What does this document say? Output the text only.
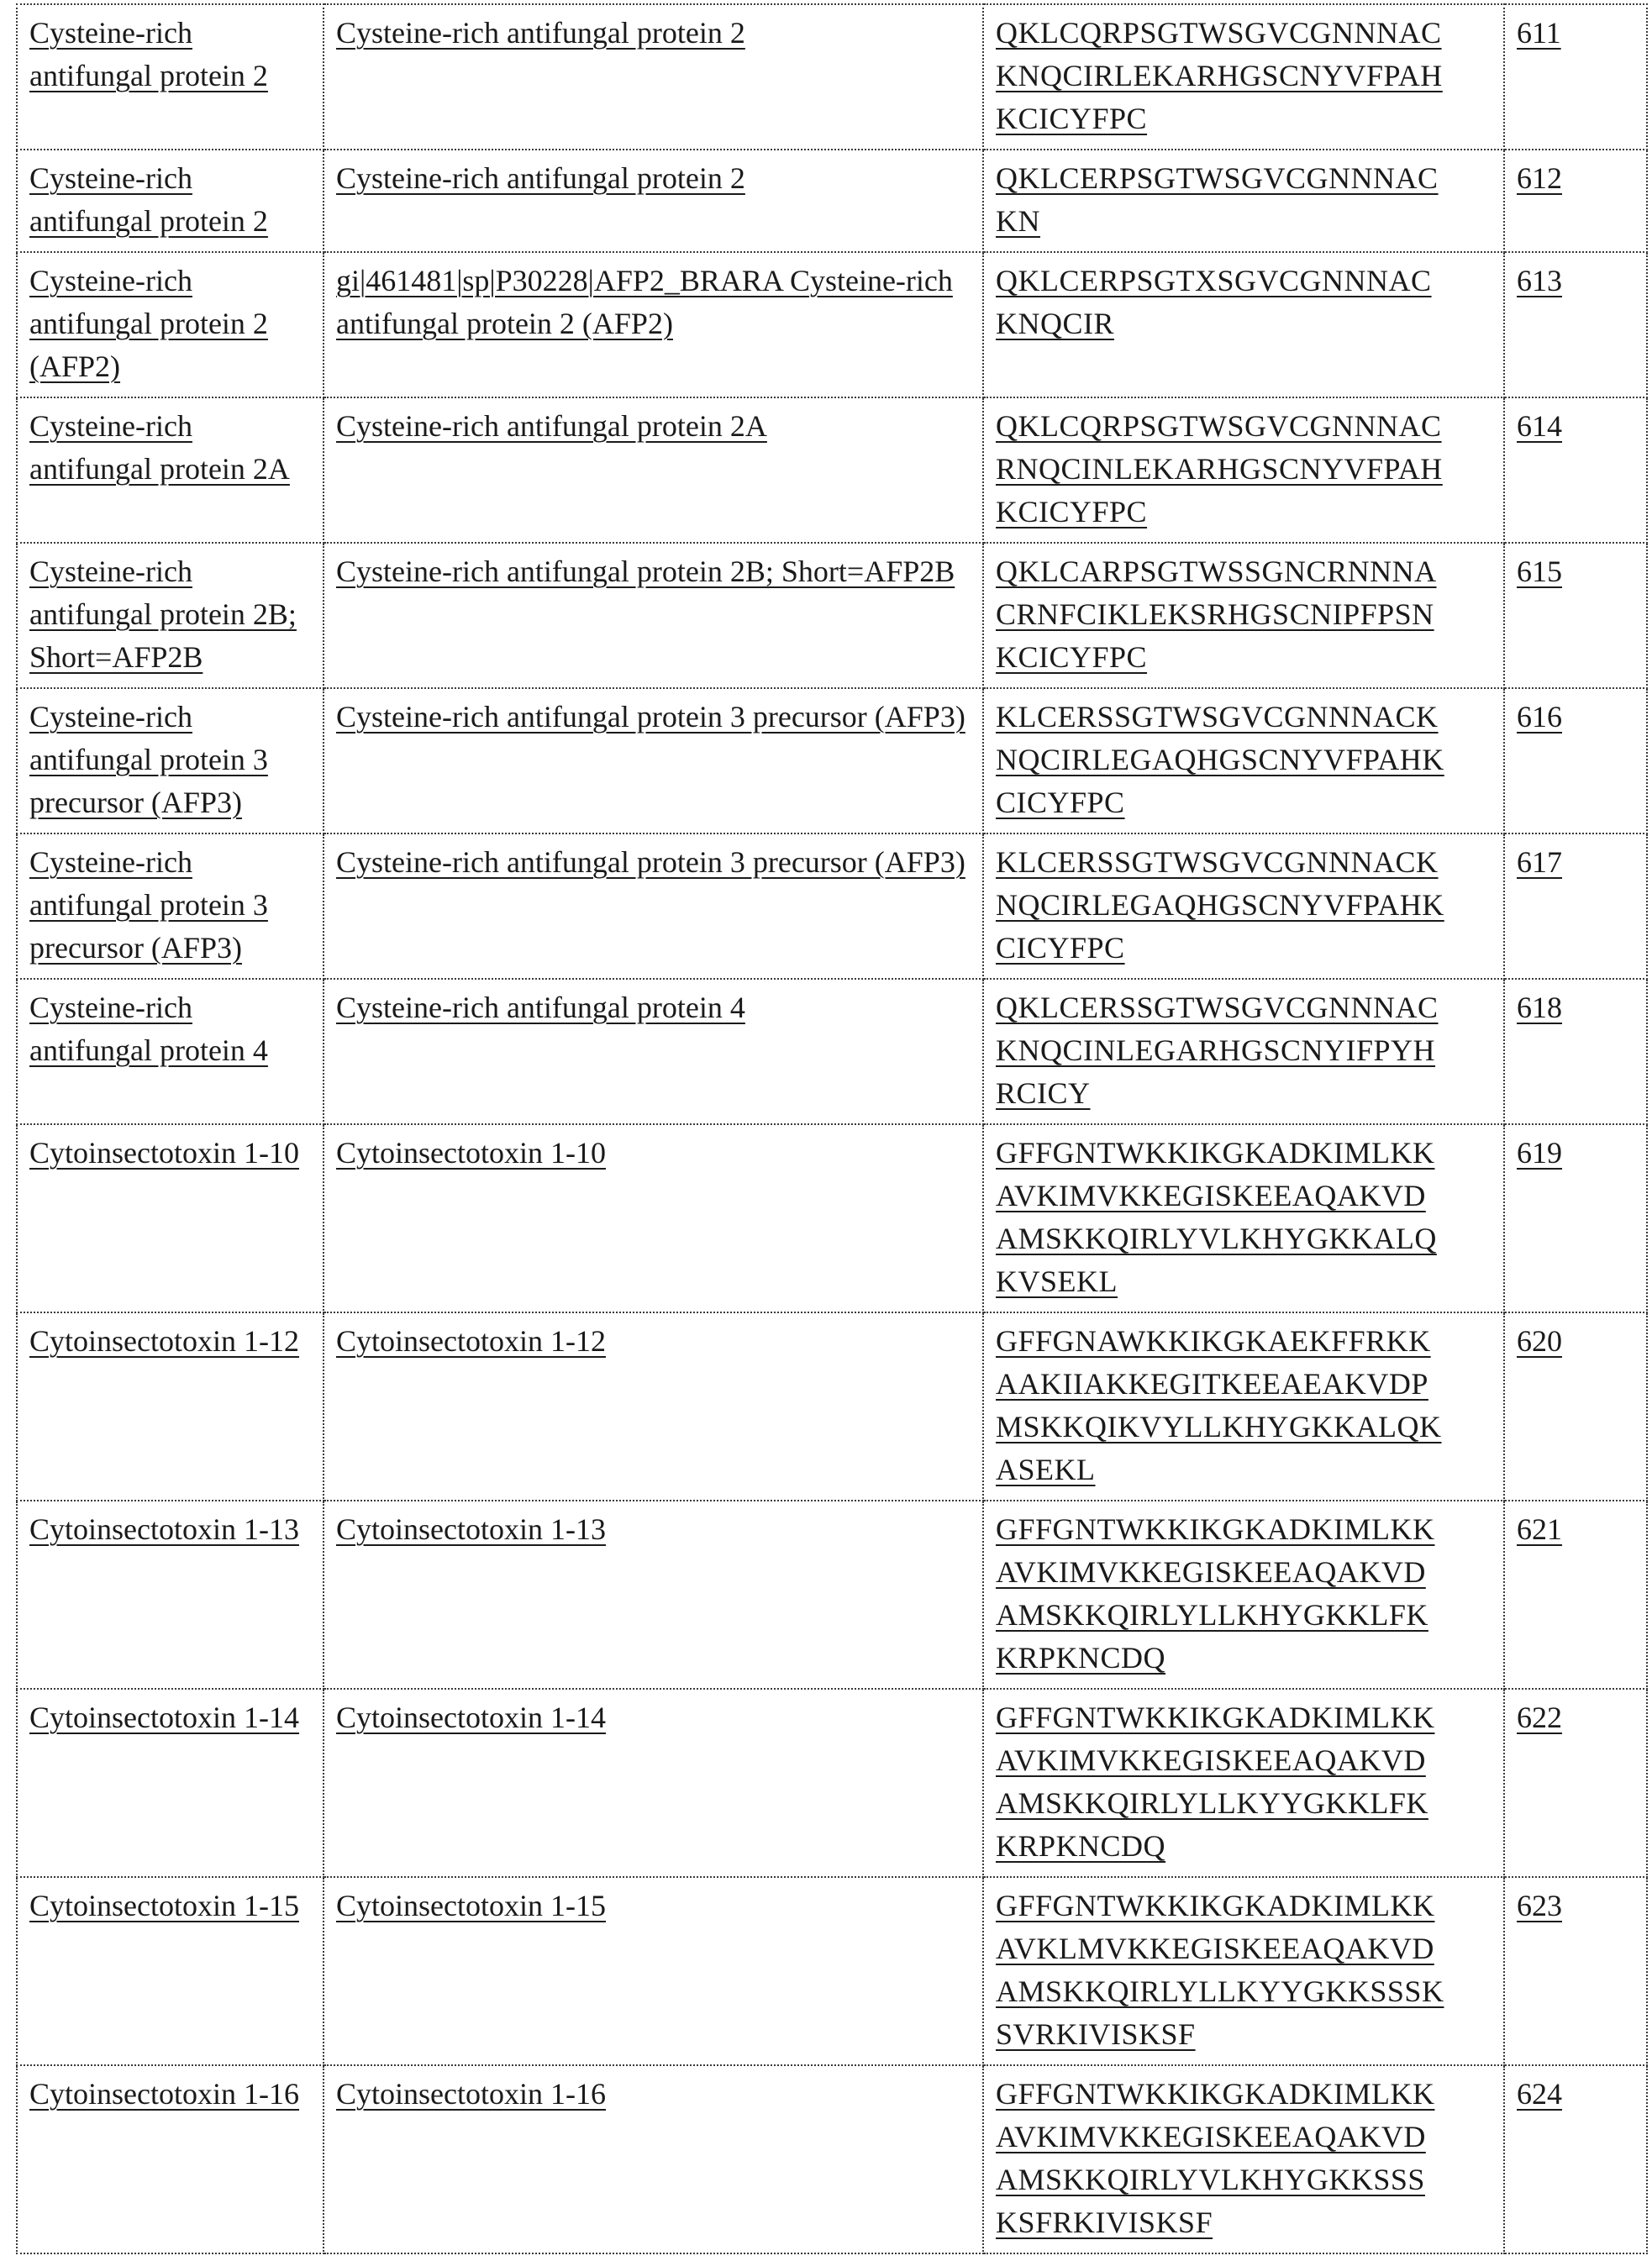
Cysteine-rich antifungal protein 2	Cysteine-rich antifungal protein 2	QKLCQRPSGTWSGVCGNNNAC
KNQCIRLEKARHGSCNYVFPAH
KCICYFPC	611
Cysteine-rich antifungal protein 2	Cysteine-rich antifungal protein 2	QKLCERPSGTWSGVCGNNNAC
KN	612
Cysteine-rich antifungal protein 2 (AFP2)	gi|461481|sp|P30228|AFP2_BRARA Cysteine-rich antifungal protein 2 (AFP2)	QKLCERPSGTXSGVCGNNNAC
KNQCIR	613
Cysteine-rich antifungal protein 2A	Cysteine-rich antifungal protein 2A	QKLCQRPSGTWSGVCGNNNAC
RNQCINLEKARHGSCNYVFPAH
KCICYFPC	614
Cysteine-rich antifungal protein 2B; Short=AFP2B	Cysteine-rich antifungal protein 2B; Short=AFP2B	QKLCARPSGTWSSGNCRNNNA
CRNFCIKLEKSRHGSCNIPFPSN
KCICYFPC	615
Cysteine-rich antifungal protein 3 precursor (AFP3)	Cysteine-rich antifungal protein 3 precursor (AFP3)	KLCERSSGTWSGVCGNNNACK
NQCIRLEGAQHGSCNYVFPAHK
CICYFPC	616
Cysteine-rich antifungal protein 3 precursor (AFP3)	Cysteine-rich antifungal protein 3 precursor (AFP3)	KLCERSSGTWSGVCGNNNACK
NQCIRLEGAQHGSCNYVFPAHK
CICYFPC	617
Cysteine-rich antifungal protein 4	Cysteine-rich antifungal protein 4	QKLCERSSGTWSGVCGNNNAC
KNQCINLEGARHGSCNYIFPYH
RCICY	618
Cytoinsectotoxin 1-10	Cytoinsectotoxin 1-10	GFFGNTWKKIKGKADKIMLKK
AVKIMVKKEGISKEEAQAKVD
AMSKKQIRLYVLKHYGKKALQ
KVSEKL	619
Cytoinsectotoxin 1-12	Cytoinsectotoxin 1-12	GFFGNAWKKIKGKAEKFFRKK
AAKIIAKKEGITKEEAEAKVDP
MSKKQIKVYLLKHYGKKALQK
ASEKL	620
Cytoinsectotoxin 1-13	Cytoinsectotoxin 1-13	GFFGNTWKKIKGKADKIMLKK
AVKIMVKKEGISKEEAQAKVD
AMSKKQIRLYLLKHYGKKLFK
KRPKNCDQ	621
Cytoinsectotoxin 1-14	Cytoinsectotoxin 1-14	GFFGNTWKKIKGKADKIMLKK
AVKIMVKKEGISKEEAQAKVD
AMSKKQIRLYLLKYYGKKLFK
KRPKNCDQ	622
Cytoinsectotoxin 1-15	Cytoinsectotoxin 1-15	GFFGNTWKKIKGKADKIMLKK
AVKLMVKKEGISKEEAQAKVD
AMSKKQIRLYLLKYYGKKSSSK
SVRKIVISKSF	623
Cytoinsectotoxin 1-16	Cytoinsectotoxin 1-16	GFFGNTWKKIKGKADKIMLKK
AVKIMVKKEGISKEEAQAKVD
AMSKKQIRLYVLKHYGKKSSS
KSFRKIVISKSF	624
